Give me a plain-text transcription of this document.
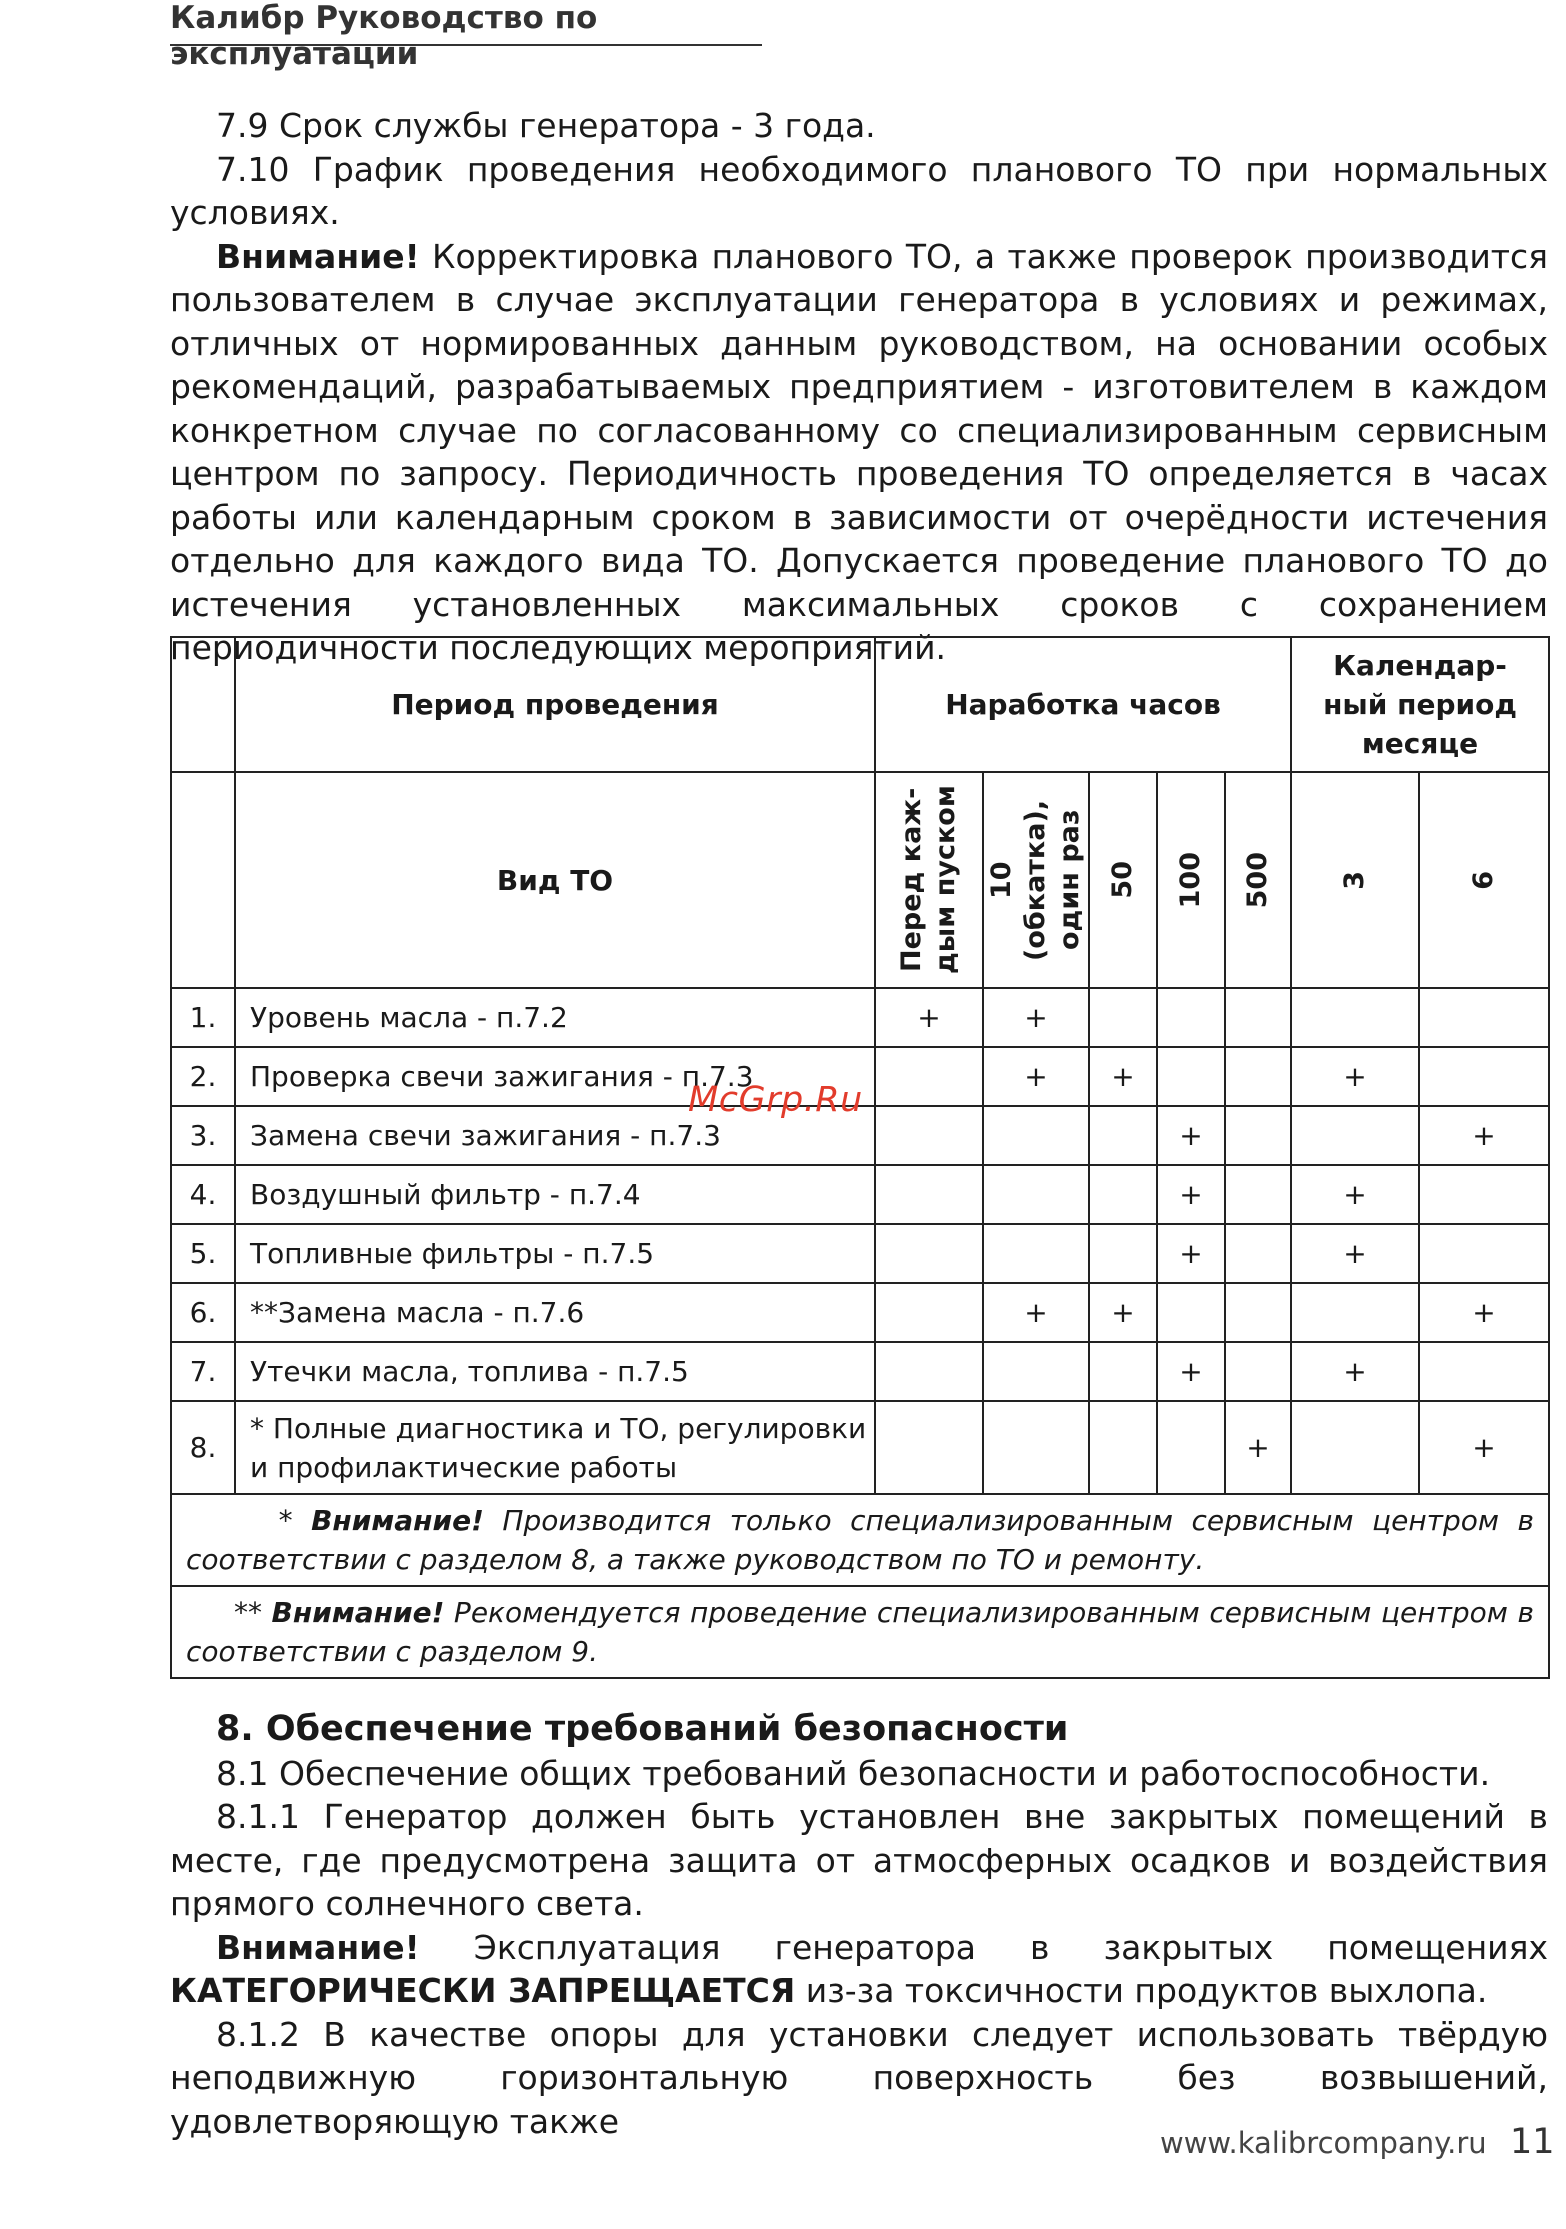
Калибр Руководство по эксплуатации

7.9 Срок службы генератора - 3 года.

7.10 График проведения необходимого планового ТО при нормальных условиях.

Внимание! Корректировка планового ТО, а также проверок производится пользователем в случае эксплуатации генератора в условиях и режимах, отличных от нормированных данным руководством, на основании особых рекомендаций, разрабатываемых предприятием - изготовителем в каждом конкретном случае по согласованному со специализированным сервисным центром по запросу. Периодичность проведения ТО определяется в часах работы или календарным сроком в зависимости от очерёдности истечения отдельно для каждого вида ТО. Допускается проведение планового ТО до истечения установленных максимальных сроков с сохранением периодичности последующих мероприятий.

	Период проведения	Наработка часов					Календар-ный период месяце	
	Вид ТО	Перед каж-дым пуском	10 (обкатка), один раз	50	100	500	3	6

1.	Уровень масла - п.7.2	+	+					
2.	Проверка свечи зажигания - п.7.3		+	+			+	
3.	Замена свечи зажигания - п.7.3				+			+
4.	Воздушный фильтр - п.7.4				+		+	
5.	Топливные фильтры - п.7.5				+		+	
6.	**Замена масла - п.7.6		+	+				+
7.	Утечки масла, топлива - п.7.5				+		+	
8.	* Полные диагностика и ТО, регулировки и профилактические работы					+		+
* Внимание! Производится только специализированным сервисным центром в соответствии с разделом 8, а также руководством по ТО и ремонту.								
** Внимание! Рекомендуется проведение специализированным сервисным центром в соответствии с разделом 9.								
McGrp.Ru

8. Обеспечение требований безопасности

8.1 Обеспечение общих требований безопасности и работоспособности.

8.1.1 Генератор должен быть установлен вне закрытых помещений в месте, где предусмотрена защита от атмосферных осадков и воздействия прямого солнечного света.

Внимание! Эксплуатация генератора в закрытых помещениях КАТЕГОРИЧЕСКИ ЗАПРЕЩАЕТСЯ из-за токсичности продуктов выхлопа.

8.1.2 В качестве опоры для установки следует использовать твёрдую неподвижную горизонтальную поверхность без возвышений, удовлетворяющую также

www.kalibrcompany.ru 11
